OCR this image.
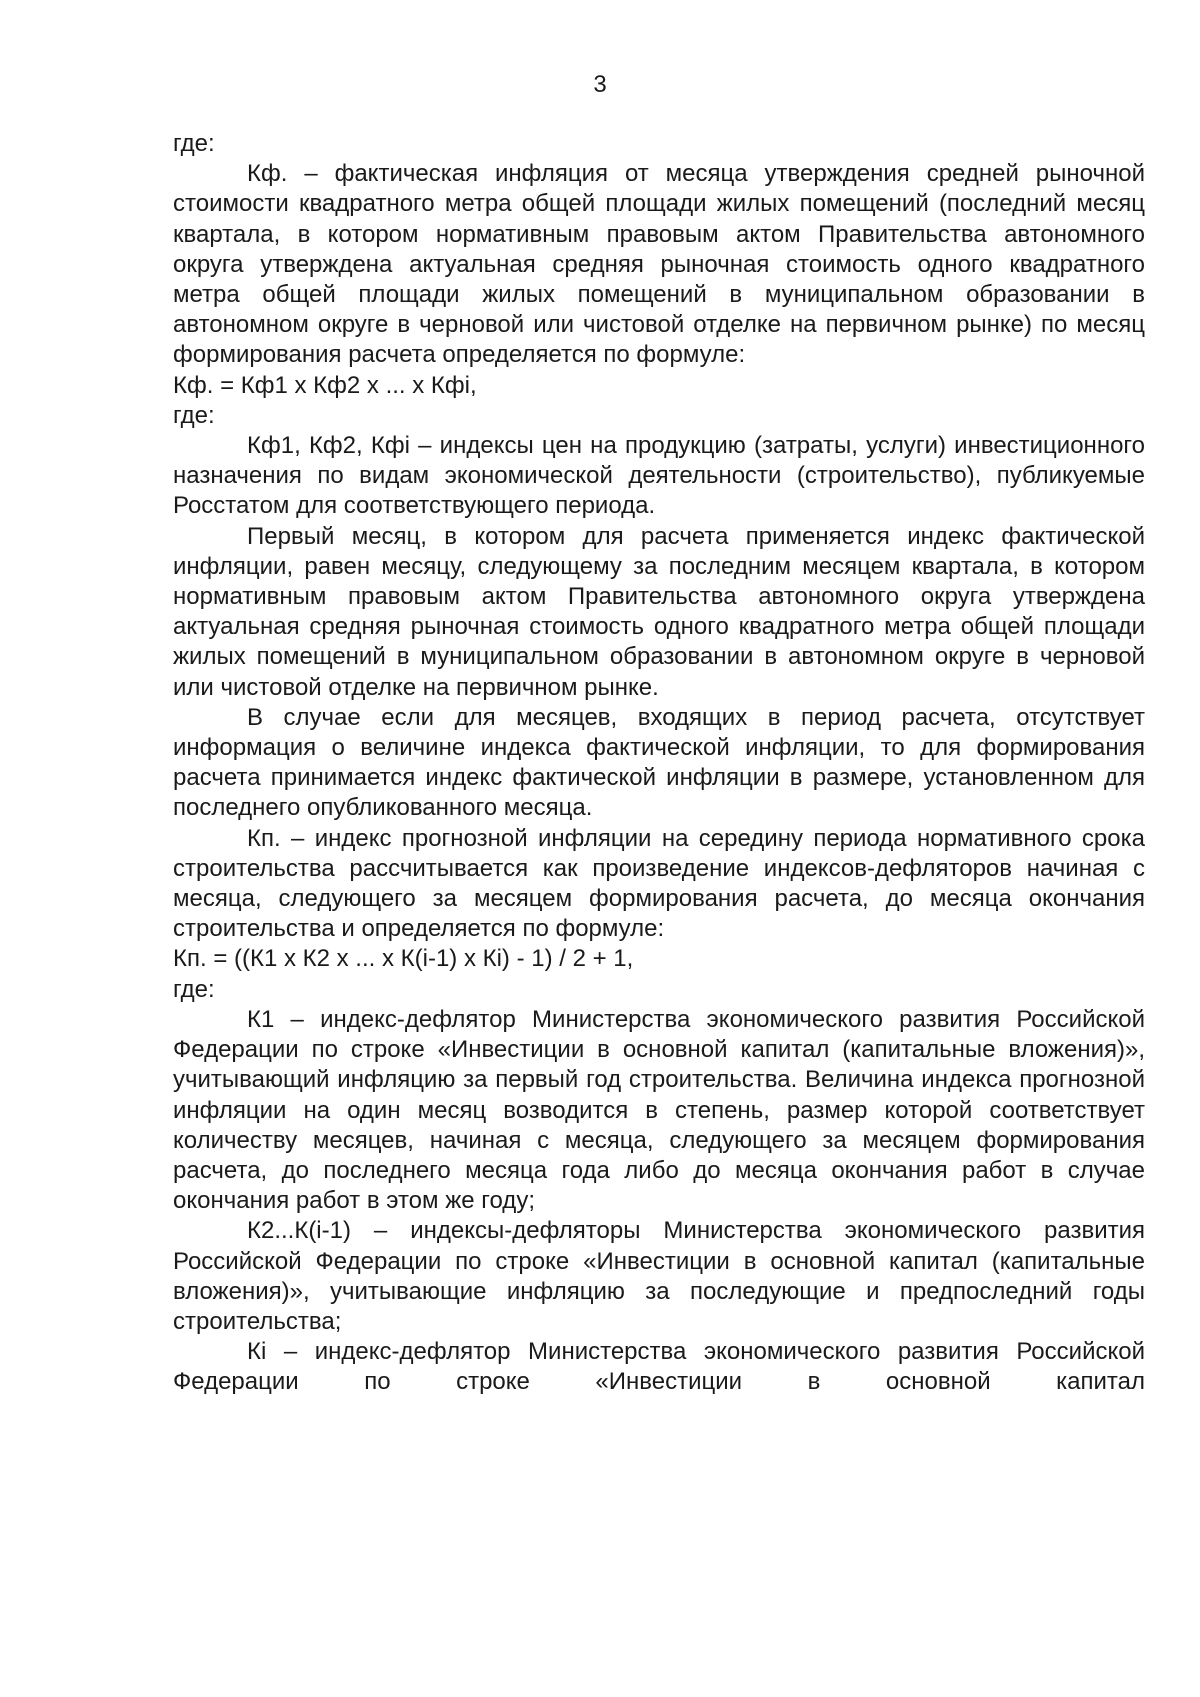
3

где:

Кф. – фактическая инфляция от месяца утверждения средней рыночной стоимости квадратного метра общей площади жилых помещений (последний месяц квартала, в котором нормативным правовым актом Правительства автономного округа утверждена актуальная средняя рыночная стоимость одного квадратного метра общей площади жилых помещений в муниципальном образовании в автономном округе в черновой или чистовой отделке на первичном рынке) по месяц формирования расчета определяется по формуле:

Кф. = Кф1 x Кф2 x ... x Кфi,

где:

Кф1, Кф2, Кфi – индексы цен на продукцию (затраты, услуги) инвестиционного назначения по видам экономической деятельности (строительство), публикуемые Росстатом для соответствующего периода.

Первый месяц, в котором для расчета применяется индекс фактической инфляции, равен месяцу, следующему за последним месяцем квартала, в котором нормативным правовым актом Правительства автономного округа утверждена актуальная средняя рыночная стоимость одного квадратного метра общей площади жилых помещений в муниципальном образовании в автономном округе в черновой или чистовой отделке на первичном рынке.

В случае если для месяцев, входящих в период расчета, отсутствует информация о величине индекса фактической инфляции, то для формирования расчета принимается индекс фактической инфляции в размере, установленном для последнего опубликованного месяца.

Кп. – индекс прогнозной инфляции на середину периода нормативного срока строительства рассчитывается как произведение индексов-дефляторов начиная с месяца, следующего за месяцем формирования расчета, до месяца окончания строительства и определяется по формуле:

Кп. = ((К1 x К2 x ... x К(i-1) x Кi) - 1) / 2 + 1,

где:

К1 – индекс-дефлятор Министерства экономического развития Российской Федерации по строке «Инвестиции в основной капитал (капитальные вложения)», учитывающий инфляцию за первый год строительства. Величина индекса прогнозной инфляции на один месяц возводится в степень, размер которой соответствует количеству месяцев, начиная с месяца, следующего за месяцем формирования расчета, до последнего месяца года либо до месяца окончания работ в случае окончания работ в этом же году;

К2...К(i-1) – индексы-дефляторы Министерства экономического развития Российской Федерации по строке «Инвестиции в основной капитал (капитальные вложения)», учитывающие инфляцию за последующие и предпоследний годы строительства;

Кi – индекс-дефлятор Министерства экономического развития Российской Федерации по строке «Инвестиции в основной капитал
